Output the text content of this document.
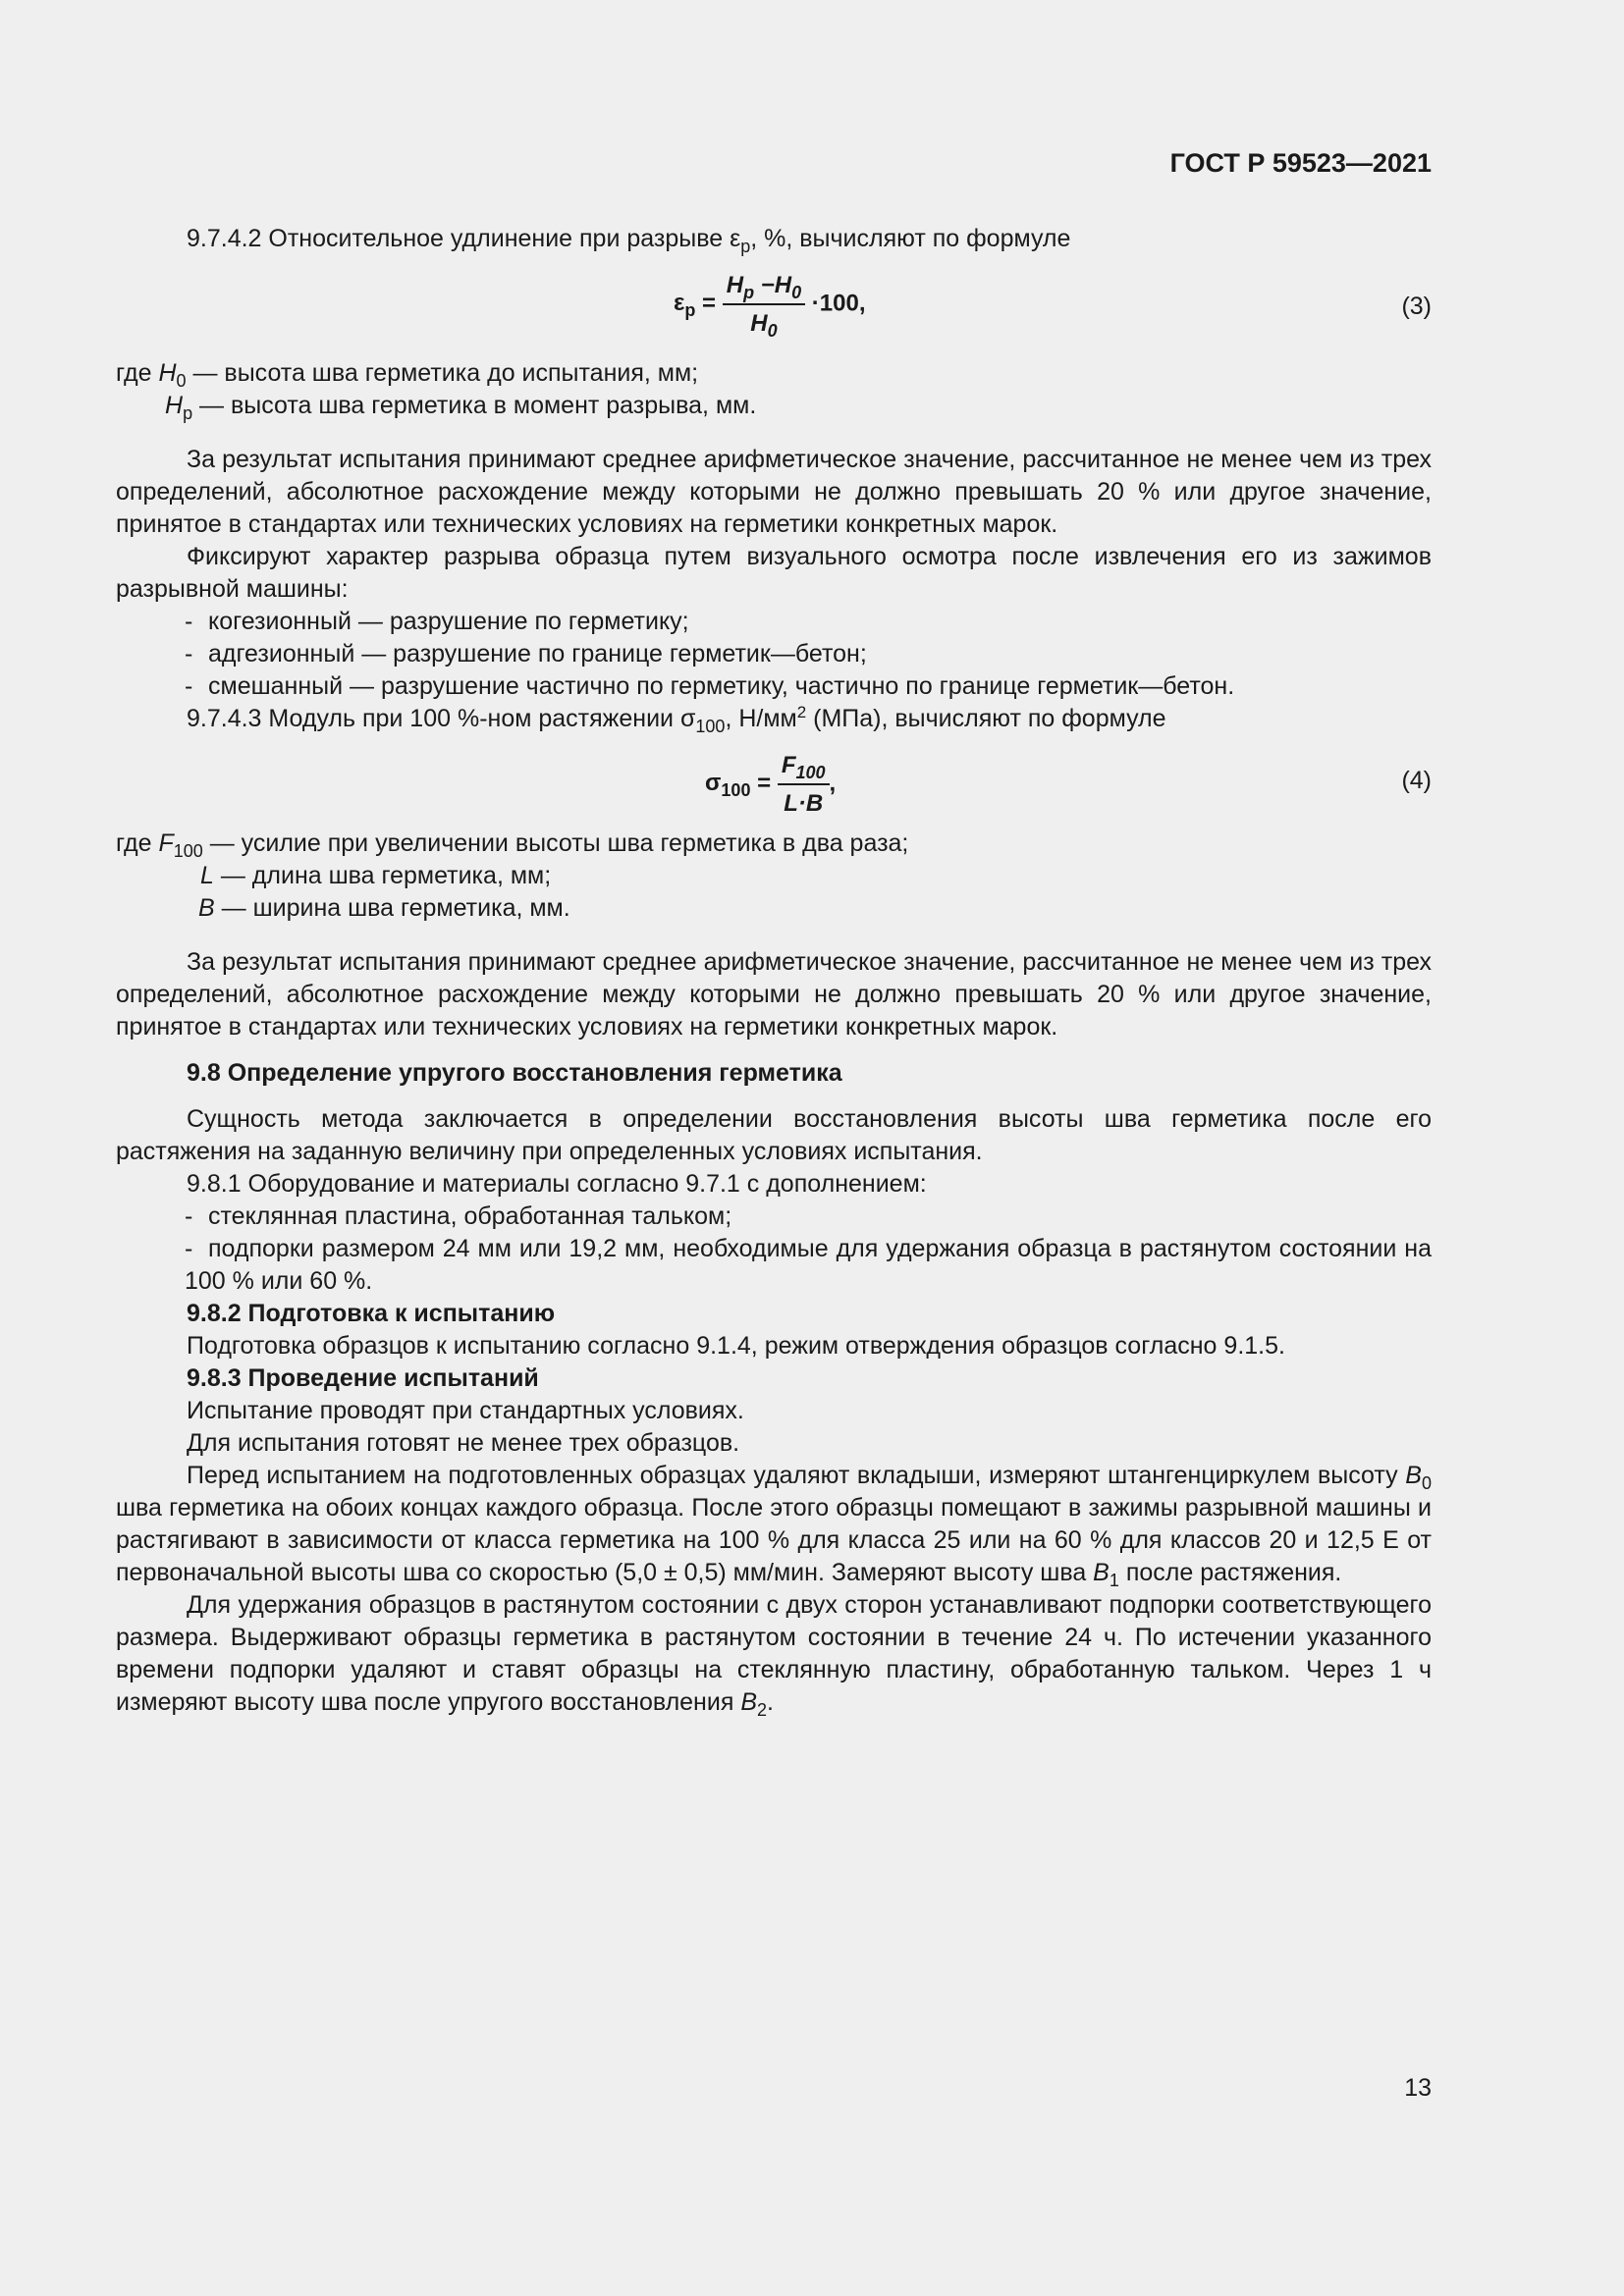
ГОСТ Р 59523—2021

9.7.4.2 Относительное удлинение при разрыве $\varepsilon_р$, %, вычисляют по формуле

$\varepsilon_p = \frac{H_p -H_0}{H_0} \cdot 100$,	(3)

где $H_0$ — высота шва герметика до испытания, мм;

$H_р$ — высота шва герметика в момент разрыва, мм.

За результат испытания принимают среднее арифметическое значение, рассчитанное не менее чем из трех определений, абсолютное расхождение между которыми не должно превышать 20 % или другое значение, принятое в стандартах или технических условиях на герметики конкретных марок.

Фиксируют характер разрыва образца путем визуального осмотра после извлечения его из зажимов разрывной машины:

- когезионный — разрушение по герметику;

- адгезионный — разрушение по границе герметик—бетон;

- смешанный — разрушение частично по герметику, частично по границе герметик—бетон.

9.7.4.3 Модуль при 100 %-ном растяжении $\sigma_{100}$, $Н/мм^2$ (МПа), вычисляют по формуле

$\sigma_{100} = \frac{F_{100}}{L\cdot B}$ ,	(4)

где $F_{100}$ — усилие при увеличении высоты шва герметика в два раза;

L — длина шва герметика, мм;

B — ширина шва герметика, мм.

За результат испытания принимают среднее арифметическое значение, рассчитанное не менее чем из трех определений, абсолютное расхождение между которыми не должно превышать 20 % или другое значение, принятое в стандартах или технических условиях на герметики конкретных марок.

9.8 Определение упругого восстановления герметика

Сущность метода заключается в определении восстановления высоты шва герметика после его растяжения на заданную величину при определенных условиях испытания.

9.8.1 Оборудование и материалы согласно 9.7.1 с дополнением:

- стеклянная пластина, обработанная тальком;

- подпорки размером 24 мм или 19,2 мм, необходимые для удержания образца в растянутом состоянии на 100 % или 60 %.

9.8.2 Подготовка к испытанию

Подготовка образцов к испытанию согласно 9.1.4, режим отверждения образцов согласно 9.1.5.

9.8.3 Проведение испытаний

Испытание проводят при стандартных условиях.

Для испытания готовят не менее трех образцов.

Перед испытанием на подготовленных образцах удаляют вкладыши, измеряют штангенциркулем высоту $B_0$ шва герметика на обоих концах каждого образца. После этого образцы помещают в зажимы разрывной машины и растягивают в зависимости от класса герметика на 100 % для класса 25 или на 60 % для классов 20 и 12,5 Е от первоначальной высоты шва со скоростью (5,0 ± 0,5) мм/мин. Замеряют высоту шва $B_1$ после растяжения.

Для удержания образцов в растянутом состоянии с двух сторон устанавливают подпорки соответствующего размера. Выдерживают образцы герметика в растянутом состоянии в течение 24 ч. По истечении указанного времени подпорки удаляют и ставят образцы на стеклянную пластину, обработанную тальком. Через 1 ч измеряют высоту шва после упругого восстановления $B_2$.

13
